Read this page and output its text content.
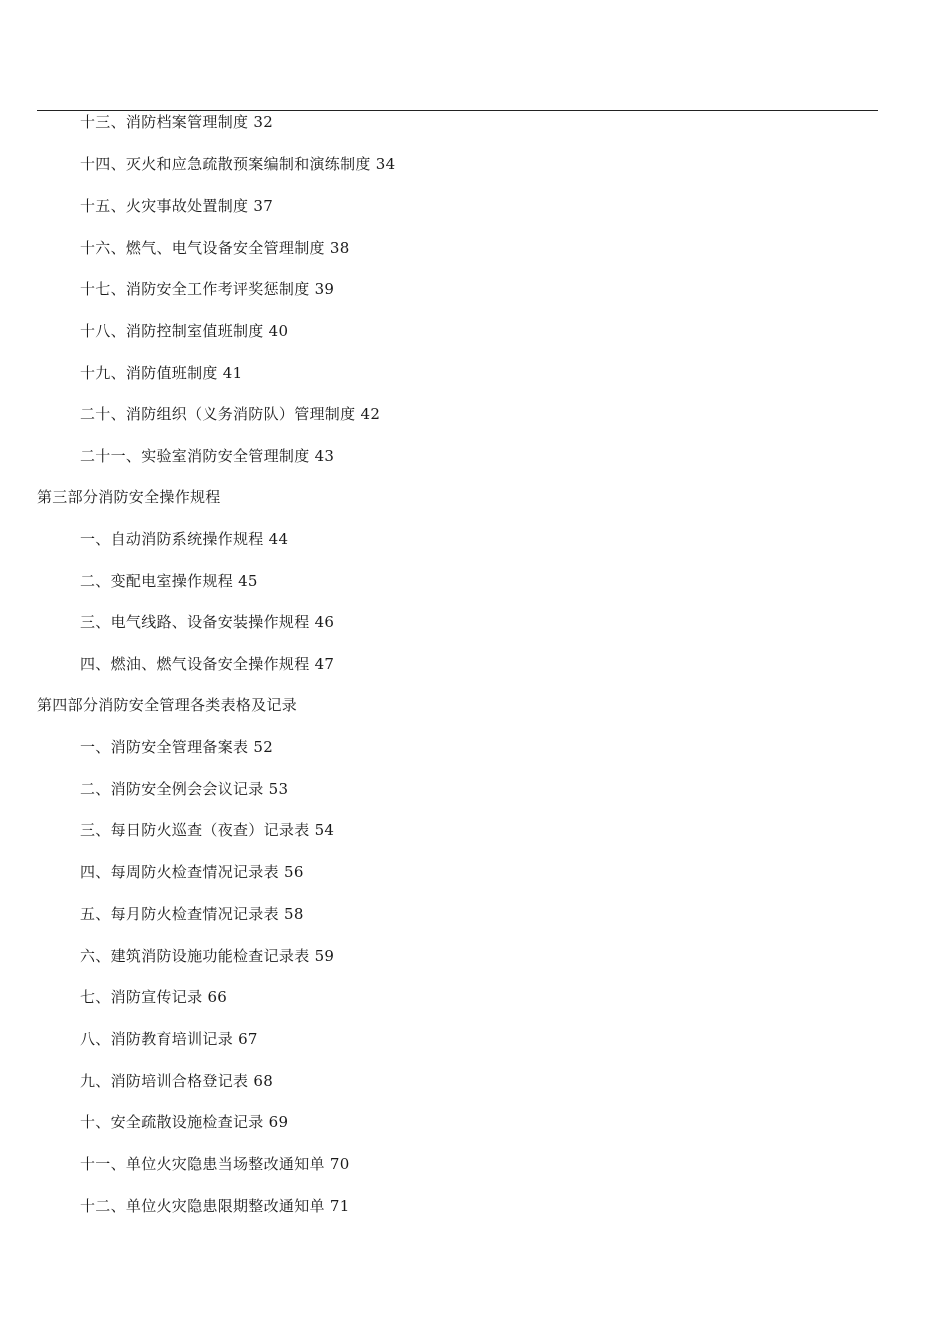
十三、消防档案管理制度 32
十四、灭火和应急疏散预案编制和演练制度 34
十五、火灾事故处置制度 37
十六、燃气、电气设备安全管理制度 38
十七、消防安全工作考评奖惩制度 39
十八、消防控制室值班制度 40
十九、消防值班制度 41
二十、消防组织（义务消防队）管理制度 42
二十一、实验室消防安全管理制度 43
第三部分消防安全操作规程
一、自动消防系统操作规程 44
二、变配电室操作规程 45
三、电气线路、设备安装操作规程 46
四、燃油、燃气设备安全操作规程 47
第四部分消防安全管理各类表格及记录
一、消防安全管理备案表 52
二、消防安全例会会议记录 53
三、每日防火巡查（夜查）记录表 54
四、每周防火检查情况记录表 56
五、每月防火检查情况记录表 58
六、建筑消防设施功能检查记录表 59
七、消防宣传记录 66
八、消防教育培训记录 67
九、消防培训合格登记表 68
十、安全疏散设施检查记录 69
十一、单位火灾隐患当场整改通知单 70
十二、单位火灾隐患限期整改通知单 71
